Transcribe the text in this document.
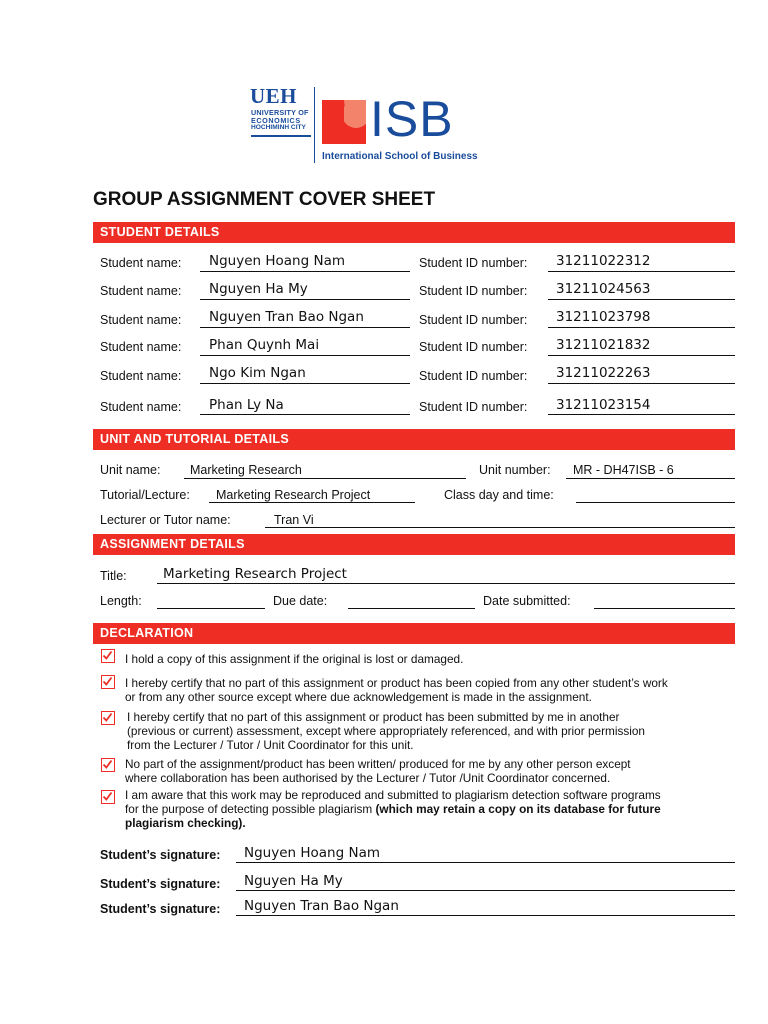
UEH
UNIVERSITY OF
ECONOMICS
HOCHIMINH CITY ISB
International School of Business
GROUP ASSIGNMENT COVER SHEET
STUDENT DETAILS
Student name: Nguyen Hoang Nam	Student ID number: 31211022312
Student name: Nguyen Ha My	Student ID number: 31211024563
Student name: Nguyen Tran Bao Ngan	Student ID number: 31211023798
Student name: Phan Quynh Mai	Student ID number: 31211021832
Student name: Ngo Kim Ngan	Student ID number: 31211022263
Student name: Phan Ly Na	Student ID number: 31211023154
UNIT AND TUTORIAL DETAILS
Unit name: Marketing Research	Unit number: MR - DH47ISB - 6
Tutorial/Lecture: Marketing Research Project	Class day and time:
Lecturer or Tutor name:	Tran Vi
ASSIGNMENT DETAILS
Title:	Marketing Research Project
Length:	Due date:	Date submitted:
DECLARATION
I hold a copy of this assignment if the original is lost or damaged.
I hereby certify that no part of this assignment or product has been copied from any other student’s work
or from any other source except where due acknowledgement is made in the assignment.
I hereby certify that no part of this assignment or product has been submitted by me in another
(previous or current) assessment, except where appropriately referenced, and with prior permission
from the Lecturer / Tutor / Unit Coordinator for this unit.
No part of the assignment/product has been written/ produced for me by any other person except
where collaboration has been authorised by the Lecturer / Tutor /Unit Coordinator concerned.
I am aware that this work may be reproduced and submitted to plagiarism detection software programs
for the purpose of detecting possible plagiarism (which may retain a copy on its database for future
plagiarism checking).
Student’s signature: Nguyen Hoang Nam
Student’s signature: Nguyen Ha My
Student’s signature: Nguyen Tran Bao Ngan
